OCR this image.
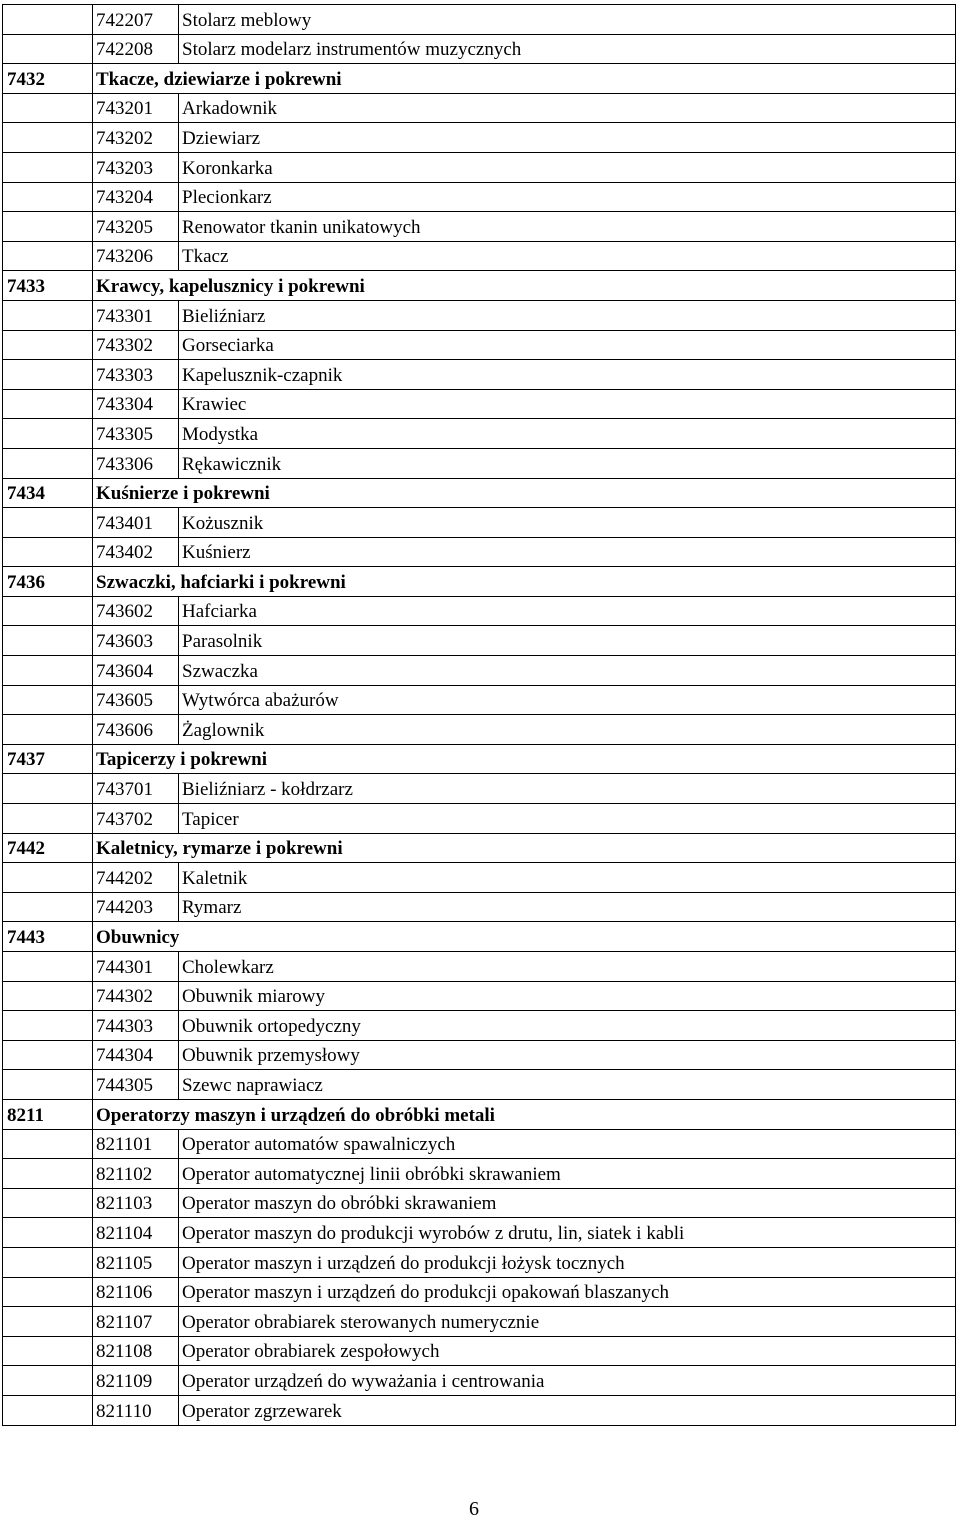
	742207	Stolarz meblowy
	742208	Stolarz modelarz instrumentów muzycznych
7432	Tkacze, dziewiarze i pokrewni	
	743201	Arkadownik
	743202	Dziewiarz
	743203	Koronkarka
	743204	Plecionkarz
	743205	Renowator tkanin unikatowych
	743206	Tkacz
7433	Krawcy, kapelusznicy i pokrewni	
	743301	Bieliźniarz
	743302	Gorseciarka
	743303	Kapelusznik-czapnik
	743304	Krawiec
	743305	Modystka
	743306	Rękawicznik
7434	Kuśnierze i pokrewni	
	743401	Kożusznik
	743402	Kuśnierz
7436	Szwaczki, hafciarki i pokrewni	
	743602	Hafciarka
	743603	Parasolnik
	743604	Szwaczka
	743605	Wytwórca abażurów
	743606	Żaglownik
7437	Tapicerzy i pokrewni	
	743701	Bieliźniarz - kołdrzarz
	743702	Tapicer
7442	Kaletnicy, rymarze i pokrewni	
	744202	Kaletnik
	744203	Rymarz
7443	Obuwnicy	
	744301	Cholewkarz
	744302	Obuwnik miarowy
	744303	Obuwnik ortopedyczny
	744304	Obuwnik przemysłowy
	744305	Szewc naprawiacz
8211	Operatorzy maszyn i urządzeń do obróbki metali	
	821101	Operator automatów spawalniczych
	821102	Operator automatycznej linii obróbki skrawaniem
	821103	Operator maszyn do obróbki skrawaniem
	821104	Operator maszyn do produkcji wyrobów z drutu, lin, siatek i kabli
	821105	Operator maszyn i urządzeń do produkcji łożysk tocznych
	821106	Operator maszyn i urządzeń do produkcji opakowań blaszanych
	821107	Operator obrabiarek sterowanych numerycznie
	821108	Operator obrabiarek zespołowych
	821109	Operator urządzeń do wyważania i centrowania
	821110	Operator zgrzewarek
6
